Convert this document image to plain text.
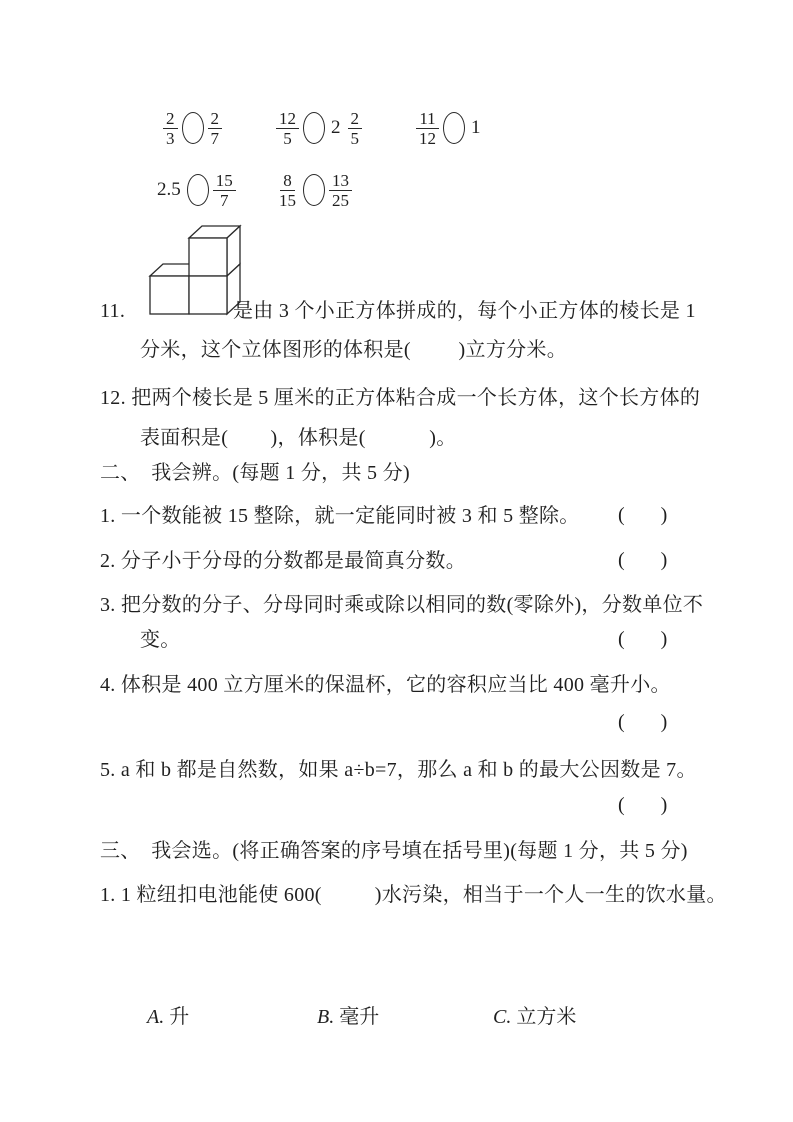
$\frac{2}{3} \frac{2}{7}$	$\frac{12}{5} 2 \frac{2}{5}$	$\frac{11}{12} 1$
$2.5 \frac{15}{7} \frac{8}{15} \frac{13}{25}$
11.	是由 3 个小正方体拼成的，每个小正方体的棱长是 1
分米，这个立体图形的体积是(         )立方分米。
12. 把两个棱长是 5 厘米的正方体粘合成一个长方体，这个长方体的
表面积是(        )，体积是(            )。
二、  我会辨。(每题 1 分，共 5 分)
1. 一个数能被 15 整除，就一定能同时被 3 和 5 整除。 ( )
2. 分子小于分母的分数都是最简真分数。	( )
3. 把分数的分子、分母同时乘或除以相同的数(零除外)，分数单位不
变。	( )
4. 体积是 400 立方厘米的保温杯，它的容积应当比 400 毫升小。
( )
5. a 和 b 都是自然数，如果 a÷b=7，那么 a 和 b 的最大公因数是 7。
( )
三、  我会选。(将正确答案的序号填在括号里)(每题 1 分，共 5 分)
1. 1 粒纽扣电池能使 600(          )水污染，相当于一个人一生的饮水量。
A. 升	B. 毫升	C. 立方米
